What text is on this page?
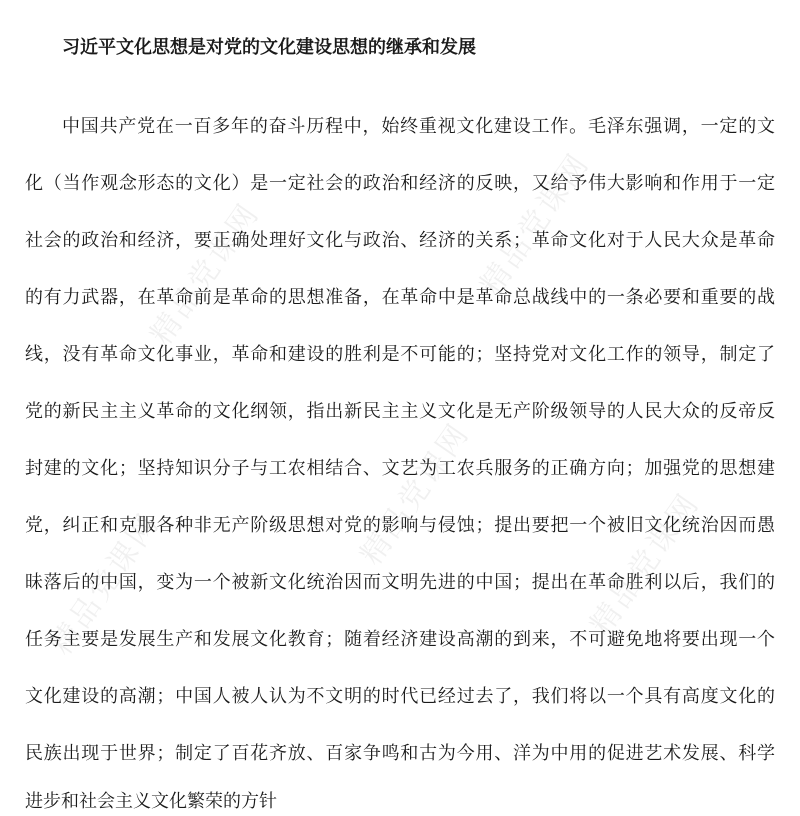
精品党课网	精品党课网
精品党课网
精品党课网	精品党课网
习近平文化思想是对党的文化建设思想的继承和发展
中国共产党在一百多年的奋斗历程中，始终重视文化建设工作。毛泽东强调，一定的文
化（当作观念形态的文化）是一定社会的政治和经济的反映，又给予伟大影响和作用于一定
社会的政治和经济，要正确处理好文化与政治、经济的关系；革命文化对于人民大众是革命
的有力武器，在革命前是革命的思想准备，在革命中是革命总战线中的一条必要和重要的战
线，没有革命文化事业，革命和建设的胜利是不可能的；坚持党对文化工作的领导，制定了
党的新民主主义革命的文化纲领，指出新民主主义文化是无产阶级领导的人民大众的反帝反
封建的文化；坚持知识分子与工农相结合、文艺为工农兵服务的正确方向；加强党的思想建
党，纠正和克服各种非无产阶级思想对党的影响与侵蚀；提出要把一个被旧文化统治因而愚
昧落后的中国，变为一个被新文化统治因而文明先进的中国；提出在革命胜利以后，我们的
任务主要是发展生产和发展文化教育；随着经济建设高潮的到来，不可避免地将要出现一个
文化建设的高潮；中国人被人认为不文明的时代已经过去了，我们将以一个具有高度文化的
民族出现于世界；制定了百花齐放、百家争鸣和古为今用、洋为中用的促进艺术发展、科学
进步和社会主义文化繁荣的方针
